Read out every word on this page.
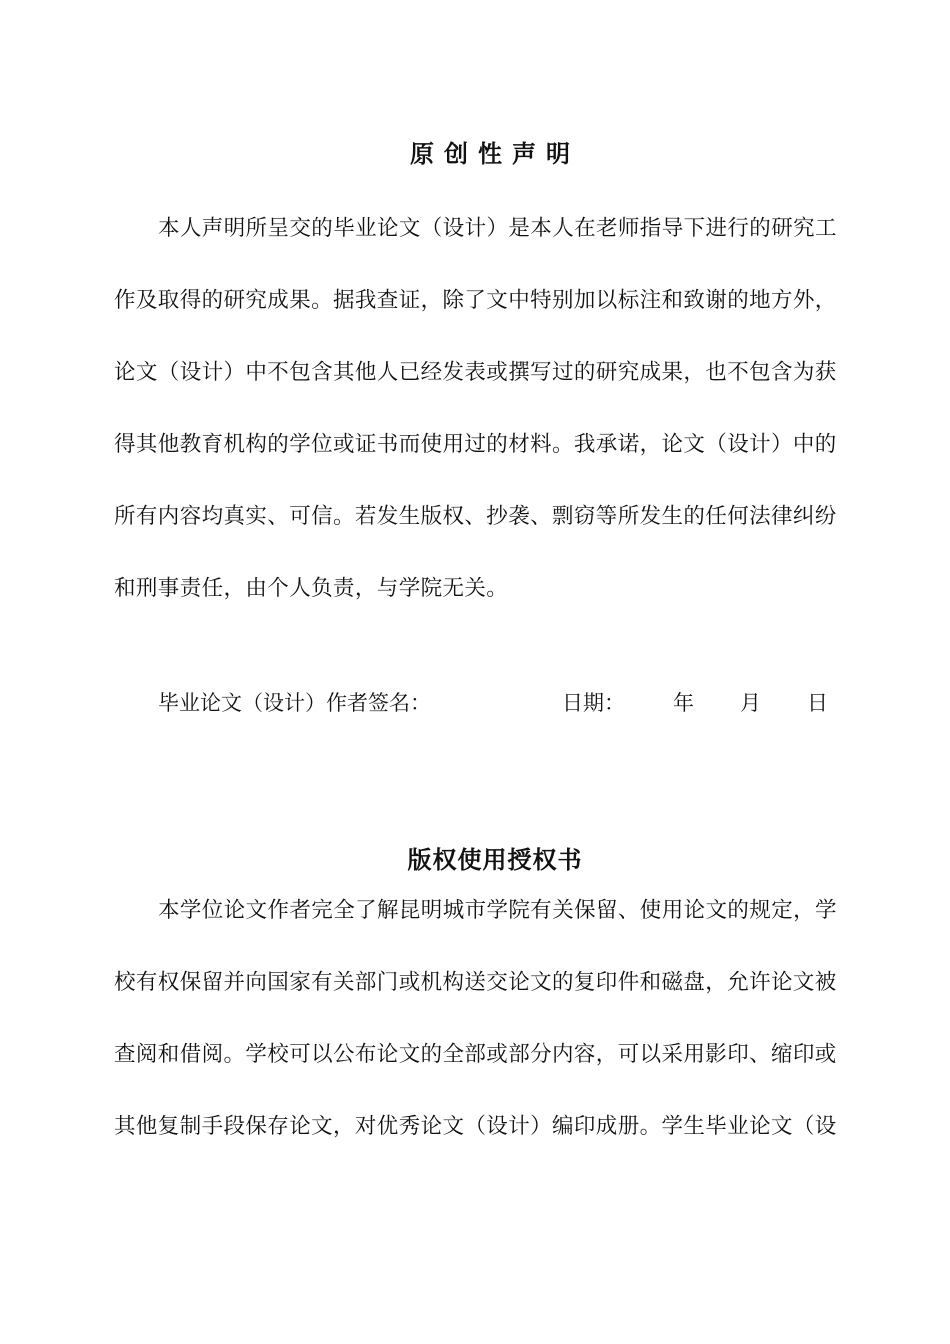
原创性声明
本人声明所呈交的毕业论文（设计）是本人在老师指导下进行的研究工
作及取得的研究成果。据我查证，除了文中特别加以标注和致谢的地方外，
论文（设计）中不包含其他人已经发表或撰写过的研究成果，也不包含为获
得其他教育机构的学位或证书而使用过的材料。我承诺，论文（设计）中的
所有内容均真实、可信。若发生版权、抄袭、剽窃等所发生的任何法律纠纷
和刑事责任，由个人负责，与学院无关。
毕业论文（设计）作者签名：	日期： 年 月 日
版权使用授权书
本学位论文作者完全了解昆明城市学院有关保留、使用论文的规定，学
校有权保留并向国家有关部门或机构送交论文的复印件和磁盘，允许论文被
查阅和借阅。学校可以公布论文的全部或部分内容，可以采用影印、缩印或
其他复制手段保存论文，对优秀论文（设计）编印成册。学生毕业论文（设
